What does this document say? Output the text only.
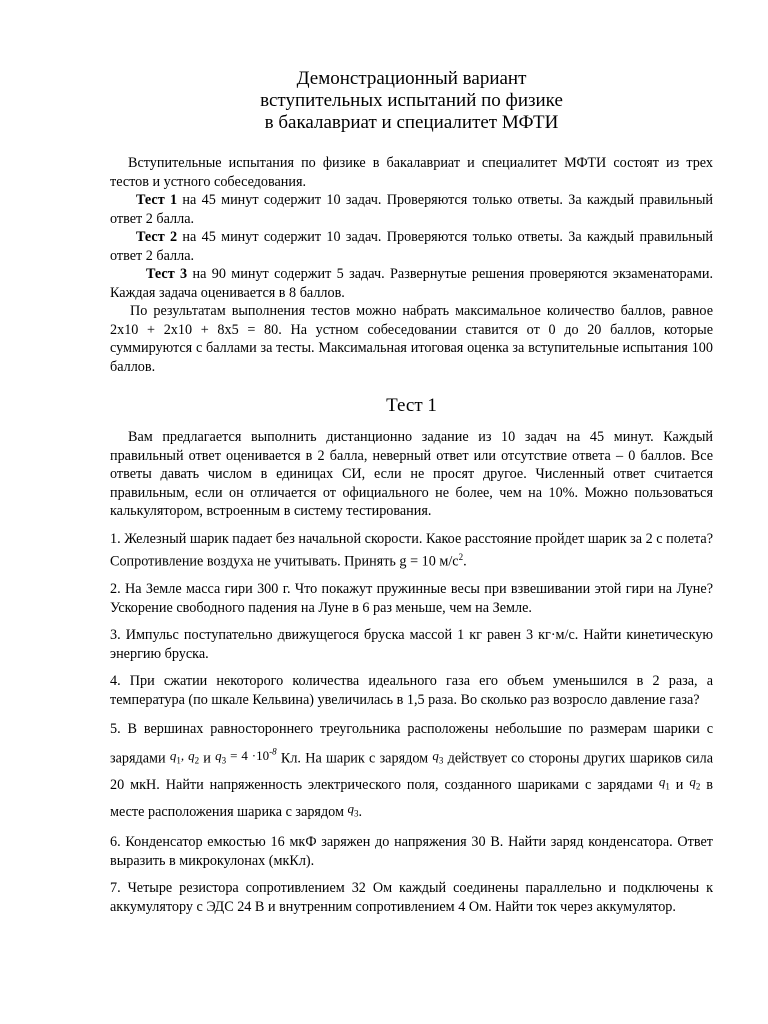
Демонстрационный вариант
вступительных испытаний по физике
в бакалавриат и специалитет МФТИ

Вступительные испытания по физике в бакалавриат и специалитет МФТИ состоят из трех тестов и устного собеседования.

Тест 1 на 45 минут содержит 10 задач. Проверяются только ответы. За каждый правильный ответ 2 балла.

Тест 2 на 45 минут содержит 10 задач. Проверяются только ответы. За каждый правильный ответ 2 балла.

Тест 3 на 90 минут содержит 5 задач. Развернутые решения проверяются экзаменаторами. Каждая задача оценивается в 8 баллов.

По результатам выполнения тестов можно набрать максимальное количество баллов, равное 2х10 + 2х10 + 8х5 = 80. На устном собеседовании ставится от 0 до 20 баллов, которые суммируются с баллами за тесты. Максимальная итоговая оценка за вступительные испытания 100 баллов.

Тест 1

Вам предлагается выполнить дистанционно задание из 10 задач на 45 минут. Каждый правильный ответ оценивается в 2 балла, неверный ответ или отсутствие ответа – 0 баллов. Все ответы давать числом в единицах СИ, если не просят другое. Численный ответ считается правильным, если он отличается от официального не более, чем на 10%. Можно пользоваться калькулятором, встроенным в систему тестирования.

1. Железный шарик падает без начальной скорости. Какое расстояние пройдет шарик за 2 с полета? Сопротивление воздуха не учитывать. Принять g = 10 $м/с^2$.

2. На Земле масса гири 300 г. Что покажут пружинные весы при взвешивании этой гири на Луне? Ускорение свободного падения на Луне в 6 раз меньше, чем на Земле.

3. Импульс поступательно движущегося бруска массой 1 кг равен 3 кг·м/с. Найти кинетическую энергию бруска.

4. При сжатии некоторого количества идеального газа его объем уменьшился в 2 раза, а температура (по шкале Кельвина) увеличилась в 1,5 раза. Во сколько раз возросло давление газа?

5. В вершинах равностороннего треугольника расположены небольшие по размерам шарики с зарядами $q_1$, $q_2$ и $q_3 = 4 \cdot 10^{-8}$ Кл. На шарик с зарядом $q_3$ действует со стороны других шариков сила 20 мкН. Найти напряженность электрического поля, созданного шариками с зарядами $q_1$ и $q_2$ в месте расположения шарика с зарядом $q_3$.

6. Конденсатор емкостью 16 мкФ заряжен до напряжения 30 В. Найти заряд конденсатора. Ответ выразить в микрокулонах (мкКл).

7. Четыре резистора сопротивлением 32 Ом каждый соединены параллельно и подключены к аккумулятору с ЭДС 24 В и внутренним сопротивлением 4 Ом. Найти ток через аккумулятор.
